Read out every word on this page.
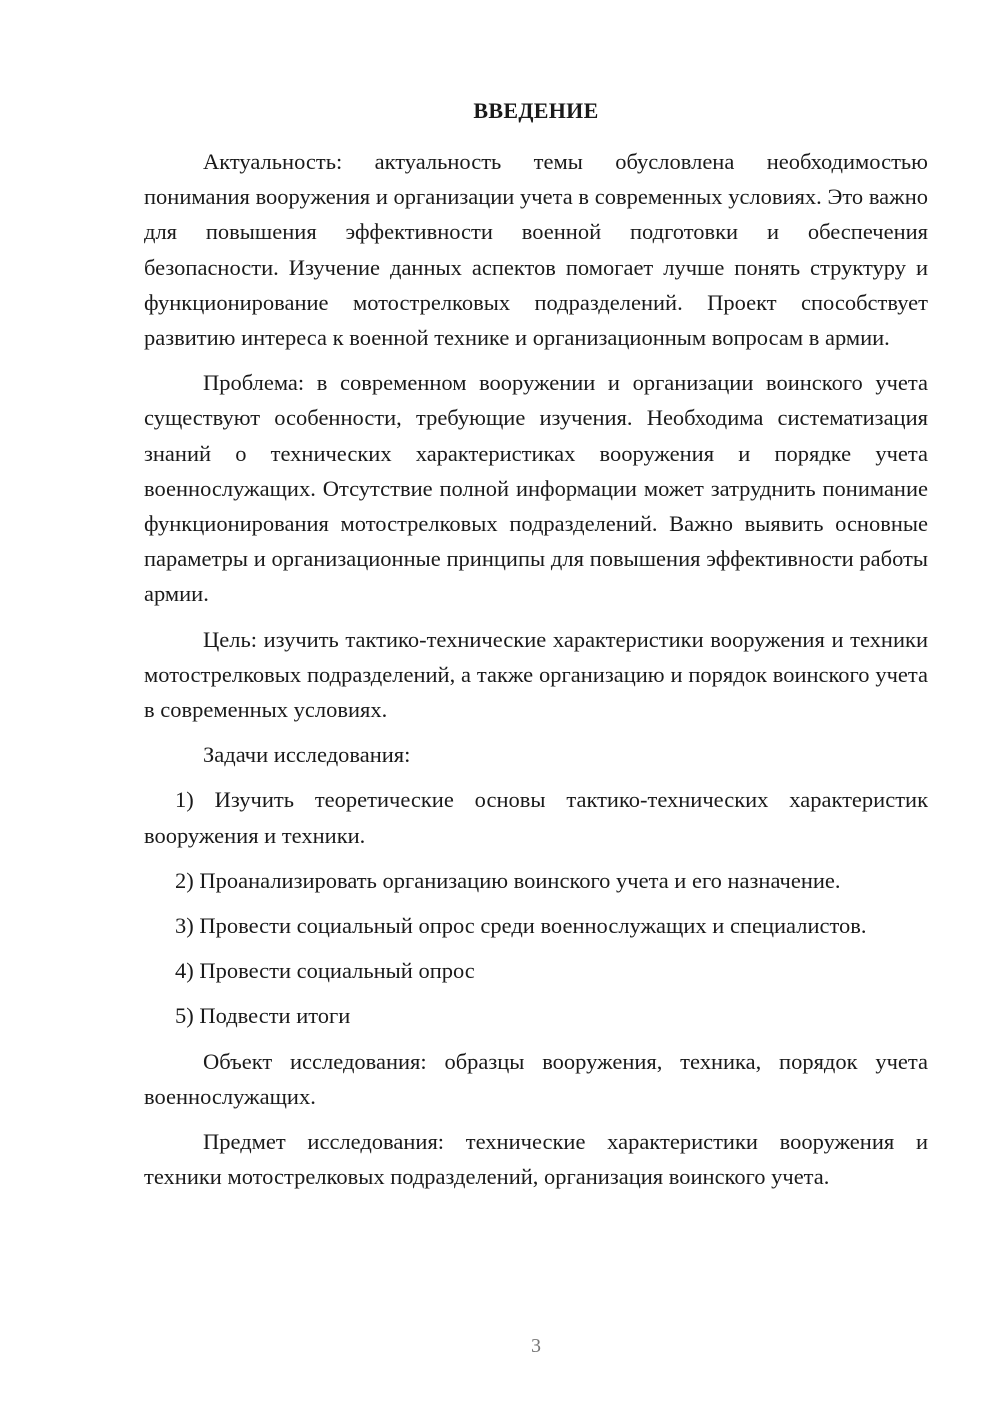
ВВЕДЕНИЕ

Актуальность: актуальность темы обусловлена необходимостью понимания вооружения и организации учета в современных условиях. Это важно для повышения эффективности военной подготовки и обеспечения безопасности. Изучение данных аспектов помогает лучше понять структуру и функционирование мотострелковых подразделений. Проект способствует развитию интереса к военной технике и организационным вопросам в армии.

Проблема: в современном вооружении и организации воинского учета существуют особенности, требующие изучения. Необходима систематизация знаний о технических характеристиках вооружения и порядке учета военнослужащих. Отсутствие полной информации может затруднить понимание функционирования мотострелковых подразделений. Важно выявить основные параметры и организационные принципы для повышения эффективности работы армии.

Цель: изучить тактико-технические характеристики вооружения и техники мотострелковых подразделений, а также организацию и порядок воинского учета в современных условиях.

Задачи исследования:

1) Изучить теоретические основы тактико-технических характеристик вооружения и техники.

2) Проанализировать организацию воинского учета и его назначение.

3) Провести социальный опрос среди военнослужащих и специалистов.

4) Провести социальный опрос

5) Подвести итоги

Объект исследования: образцы вооружения, техника, порядок учета военнослужащих.

Предмет исследования: технические характеристики вооружения и техники мотострелковых подразделений, организация воинского учета.

3
